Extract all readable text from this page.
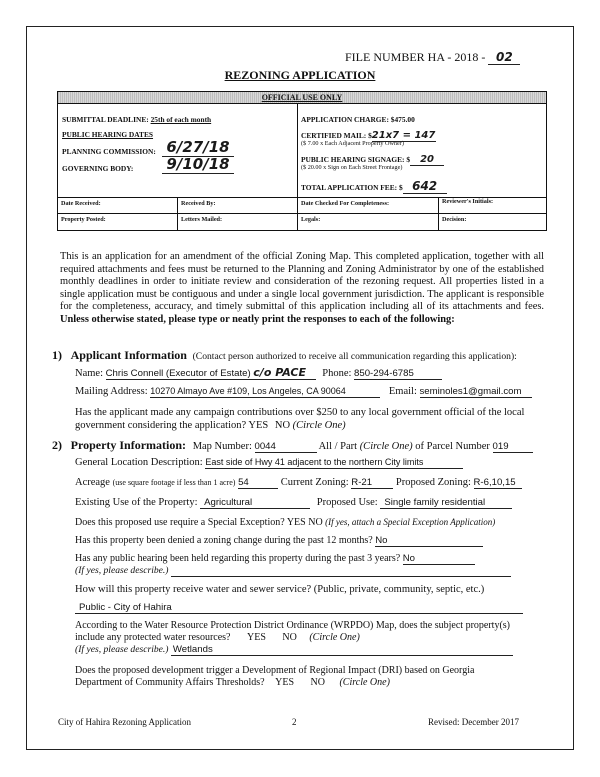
FILE NUMBER HA - 2018 - 02
REZONING APPLICATION
OFFICIAL USE ONLY
SUBMITTAL DEADLINE: 25th of each month
PUBLIC HEARING DATES
PLANNING COMMISSION: 6/27/18
GOVERNING BODY: 9/10/18
APPLICATION CHARGE: $475.00
CERTIFIED MAIL: $21x7 = 147
($ 7.00 x Each Adjacent Property Owner)
PUBLIC HEARING SIGNAGE: $ 20
($ 20.00 x Sign on Each Street Frontage)
TOTAL APPLICATION FEE: $ 642
Date Received:	Received By:	Date Checked For Completeness:	Reviewer's Initials:
Property Posted:	Letters Mailed:	Legals:	Decision:
This is an application for an amendment of the official Zoning Map. This completed application, together with all required attachments and fees must be returned to the Planning and Zoning Administrator by one of the established monthly deadlines in order to initiate review and consideration of the rezoning request. All properties listed in a single application must be contiguous and under a single local government jurisdiction. The applicant is responsible for the completeness, accuracy, and timely submittal of this application including all of its attachments and fees. Unless otherwise stated, please type or neatly print the responses to each of the following:
1) Applicant Information (Contact person authorized to receive all communication regarding this application):
Name: Chris Connell (Executor of Estate) c/o PACE Phone: 850-294-6785
Mailing Address: 10270 Almayo Ave #109, Los Angeles, CA 90064	Email: seminoles1@gmail.com
Has the applicant made any campaign contributions over $250 to any local government official of the local government considering the application? YES NO (Circle One)
2) Property Information: Map Number: 0044	All / Part (Circle One) of Parcel Number 019
General Location Description: East side of Hwy 41 adjacent to the northern City limits
Acreage (use square footage if less than 1 acre) 54	Current Zoning: R-21 Proposed Zoning: R-6,10,15
Existing Use of the Property: Agricultural	Proposed Use: Single family residential
Does this proposed use require a Special Exception? YES NO (If yes, attach a Special Exception Application)
Has this property been denied a zoning change during the past 12 months? No
Has any public hearing been held regarding this property during the past 3 years? No
(If yes, please describe.)
How will this property receive water and sewer service? (Public, private, community, septic, etc.)
Public - City of Hahira
According to the Water Resource Protection District Ordinance (WRPDO) Map, does the subject property(s)
include any protected water resources? YES NO (Circle One)
(If yes, please describe.) Wetlands
Does the proposed development trigger a Development of Regional Impact (DRI) based on Georgia
Department of Community Affairs Thresholds? YES NO (Circle One)
City of Hahira Rezoning Application	2	Revised: December 2017
